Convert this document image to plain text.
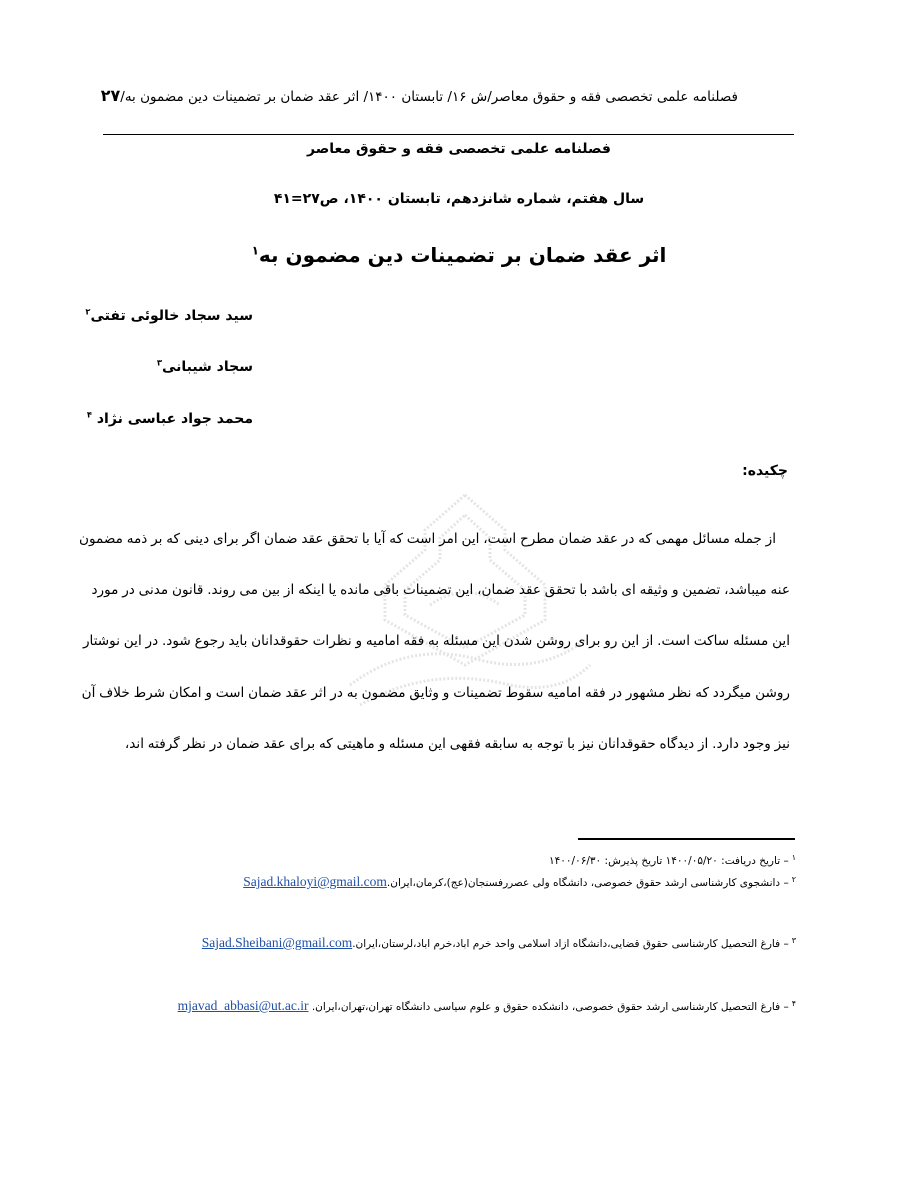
فصلنامه علمی تخصصی فقه و حقوق معاصر/ش ۱۶/ تابستان ۱۴۰۰/ اثر عقد ضمان بر تضمینات دین مضمون به/۲۷
فصلنامه علمی تخصصی فقه و حقوق معاصر
سال هفتم، شماره شانزدهم، تابستان ۱۴۰۰، ص۲۷=۴۱
اثر عقد ضمان بر تضمینات دین مضمون به$^۱$
سید سجاد خالوئی تفتی$^۲$
سجاد شیبانی$^۳$
محمد جواد عباسی نژاد $^۴$
چکیده:
از جمله مسائل مهمی که در عقد ضمان مطرح است، این امر است که آیا با تحقق عقد ضمان اگر برای دینی که بر ذمه مضمون
عنه میباشد، تضمین و وثیقه ای باشد با تحقق عقد ضمان، این تضمینات باقی مانده یا اینکه از بین می روند. قانون مدنی در مورد
این مسئله ساکت است. از این رو برای روشن شدن این مسئله به فقه امامیه و نظرات حقوقدانان باید رجوع شود. در این نوشتار
روشن میگردد که نظر مشهور در فقه امامیه سقوط تضمینات و وثایق مضمون به در اثر عقد ضمان است و امکان شرط خلاف آن
نیز وجود دارد. از دیدگاه حقوقدانان نیز با توجه به سابقه فقهی این مسئله و ماهیتی که برای عقد ضمان در نظر گرفته اند،
$^۱$– تاریخ دریافت: ۱۴۰۰/۰۵/۲۰ تاریخ پذیرش: ۱۴۰۰/۰۶/۳۰
$^۲$– دانشجوی کارشناسی ارشد حقوق خصوصی، دانشگاه ولی عصررفسنجان(عج)،کرمان،ایران.Sajad.khaloyi@gmail.com
$^۳$– فارغ التحصیل کارشناسی حقوق قضایی،دانشگاه ازاد اسلامی واحد خرم اباد،خرم اباد،لرستان،ایران.Sajad.Sheibani@gmail.com
$^۴$– فارغ التحصیل کارشناسی ارشد حقوق خصوصی، دانشکده حقوق و علوم سیاسی دانشگاه تهران،تهران،ایران. mjavad_abbasi@ut.ac.ir
